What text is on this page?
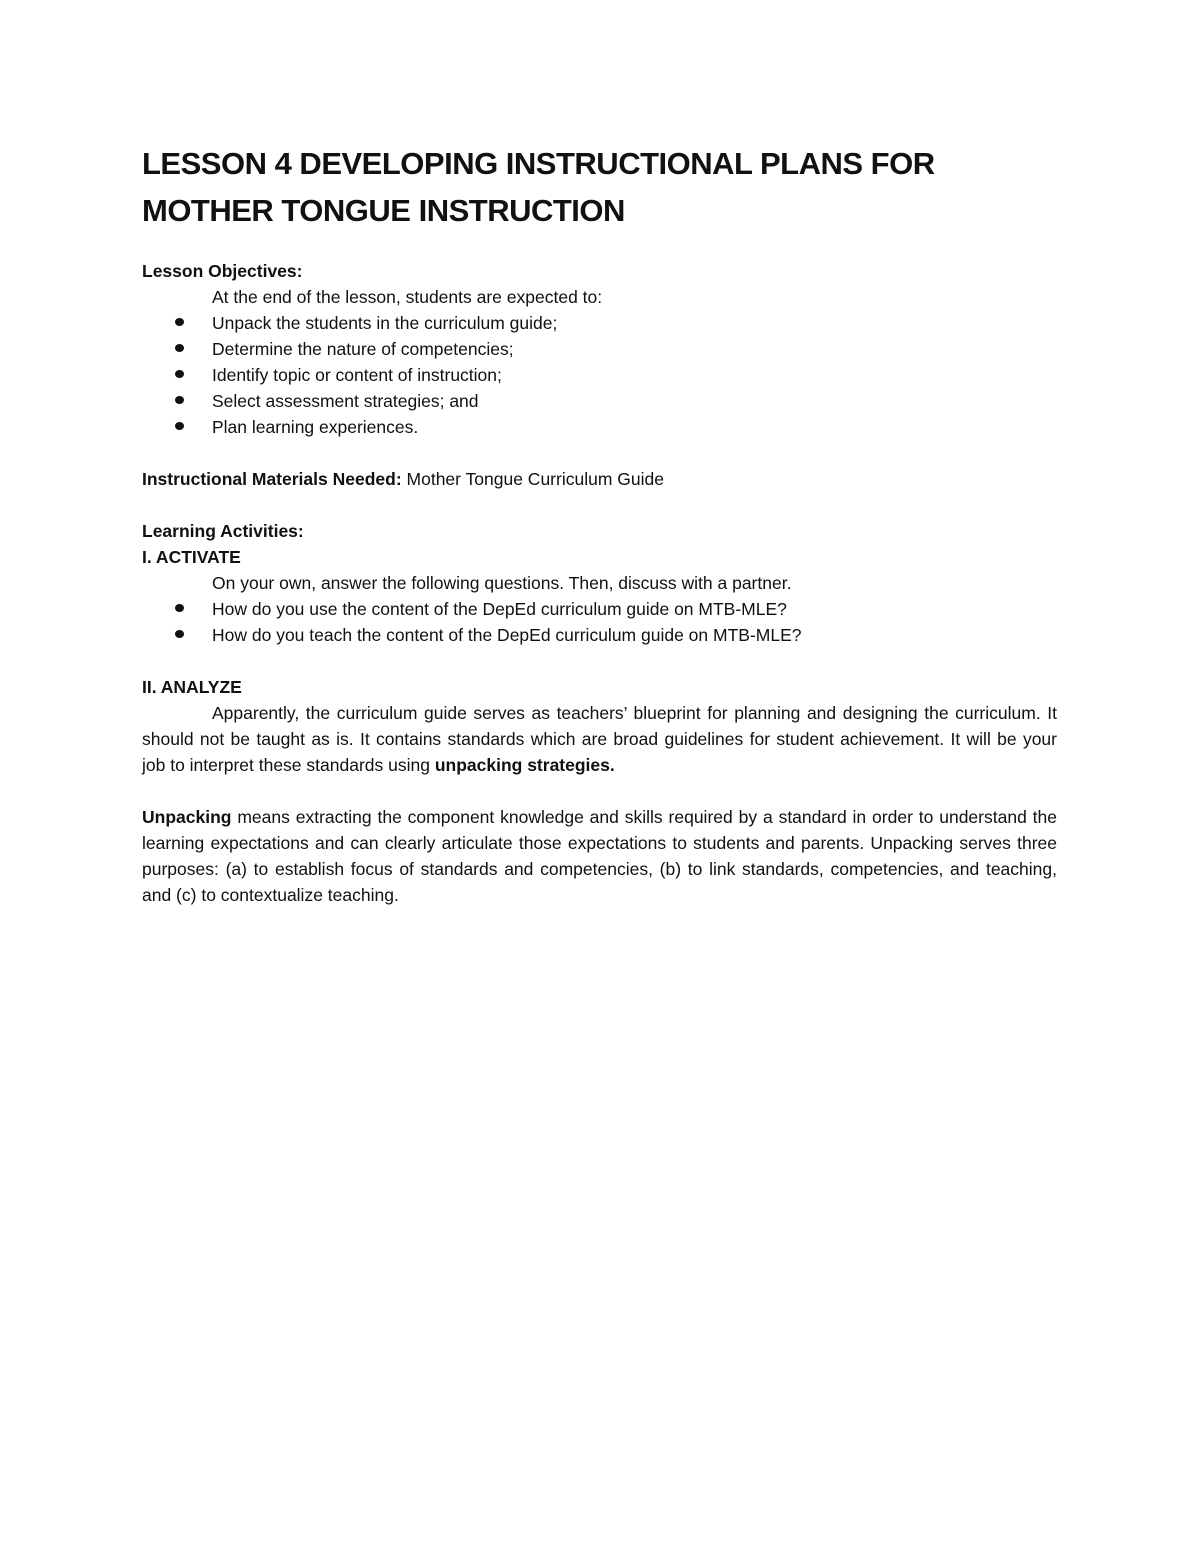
LESSON 4 DEVELOPING INSTRUCTIONAL PLANS FOR MOTHER TONGUE INSTRUCTION
Lesson Objectives:
At the end of the lesson, students are expected to:
Unpack the students in the curriculum guide;
Determine the nature of competencies;
Identify topic or content of instruction;
Select assessment strategies; and
Plan learning experiences.
Instructional Materials Needed: Mother Tongue Curriculum Guide
Learning Activities:
I. ACTIVATE
On your own, answer the following questions. Then, discuss with a partner.
How do you use the content of the DepEd curriculum guide on MTB-MLE?
How do you teach the content of the DepEd curriculum guide on MTB-MLE?
II. ANALYZE
Apparently, the curriculum guide serves as teachers’ blueprint for planning and designing the curriculum. It should not be taught as is. It contains standards which are broad guidelines for student achievement. It will be your job to interpret these standards using unpacking strategies.
Unpacking means extracting the component knowledge and skills required by a standard in order to understand the learning expectations and can clearly articulate those expectations to students and parents. Unpacking serves three purposes: (a) to establish focus of standards and competencies, (b) to link standards, competencies, and teaching, and (c) to contextualize teaching.
